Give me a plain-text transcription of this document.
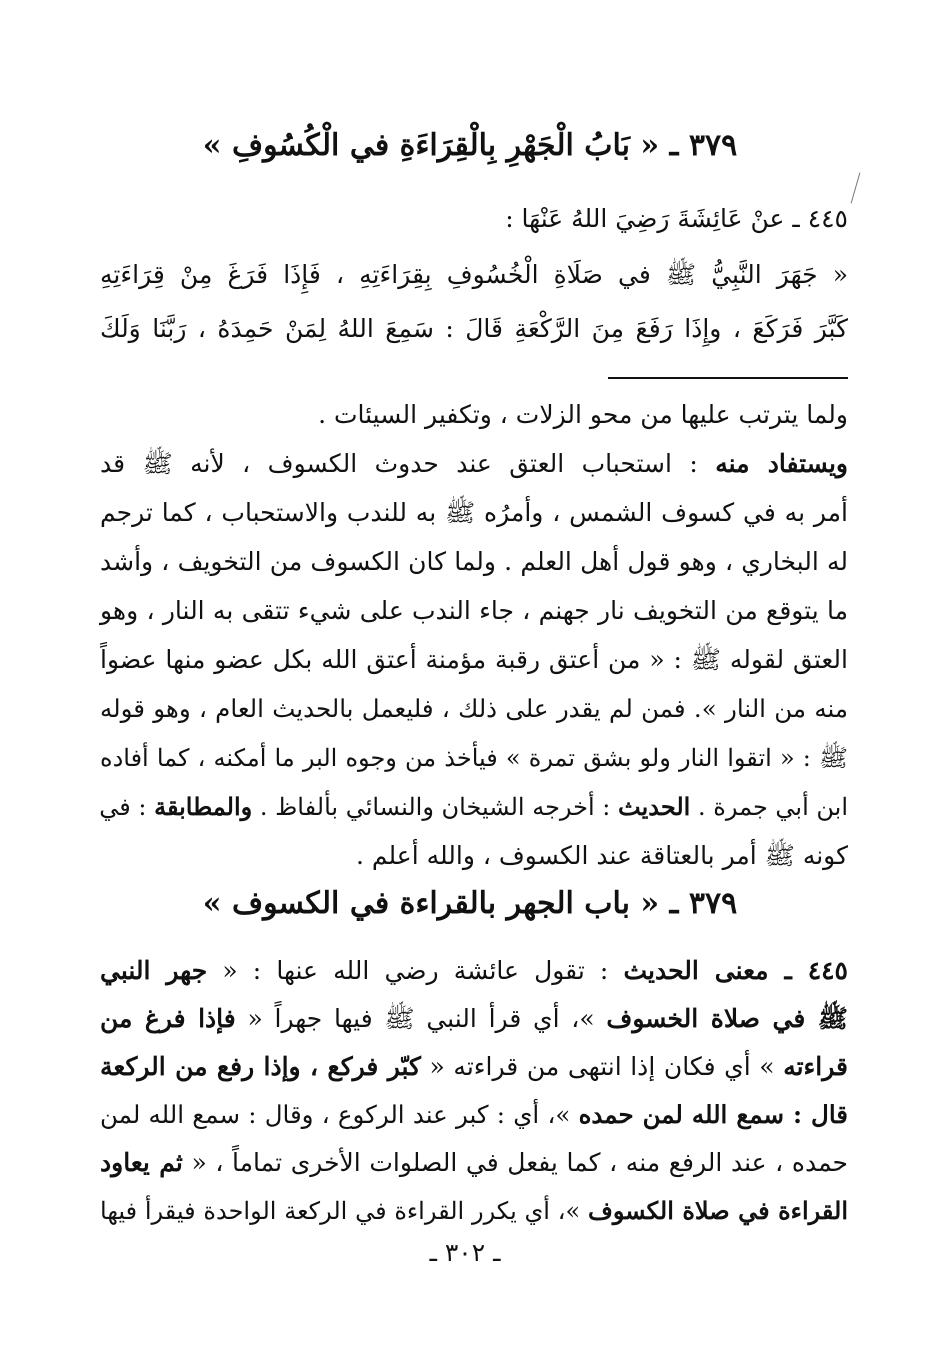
٣٧٩ ـ « بَابُ الْجَهْرِ بِالْقِرَاءَةِ في الْكُسُوفِ »
٤٤٥ ـ عنْ عَائِشَةَ رَضِيَ اللهُ عَنْهَا :
« جَهَرَ النَّبِيُّ ﷺ في صَلَاةِ الْخُسُوفِ بِقِرَاءَتِهِ ، فَإِذَا فَرَغَ مِنْ قِرَاءَتِهِ
كَبَّرَ فَرَكَعَ ، وإِذَا رَفَعَ مِنَ الرَّكْعَةِ قَالَ : سَمِعَ اللهُ لِمَنْ حَمِدَهُ ، رَبَّنَا وَلَكَ
ولما يترتب عليها من محو الزلات ، وتكفير السيئات .
ويستفاد منه : استحباب العتق عند حدوث الكسوف ، لأنه ﷺ قد
أمر به في كسوف الشمس ، وأمرُه ﷺ به للندب والاستحباب ، كما ترجم
له البخاري ، وهو قول أهل العلم . ولما كان الكسوف من التخويف ، وأشد
ما يتوقع من التخويف نار جهنم ، جاء الندب على شيء تتقى به النار ، وهو
العتق لقوله ﷺ : « من أعتق رقبة مؤمنة أعتق الله بكل عضو منها عضواً
منه من النار ». فمن لم يقدر على ذلك ، فليعمل بالحديث العام ، وهو قوله
ﷺ : « اتقوا النار ولو بشق تمرة » فيأخذ من وجوه البر ما أمكنه ، كما أفاده
ابن أبي جمرة . الحديث : أخرجه الشيخان والنسائي بألفاظ . والمطابقة : في
كونه ﷺ أمر بالعتاقة عند الكسوف ، والله أعلم .
٣٧٩ ـ « باب الجهر بالقراءة في الكسوف »
٤٤٥ ـ معنى الحديث : تقول عائشة رضي الله عنها : « جهر النبي
ﷺ في صلاة الخسوف »، أي قرأ النبي ﷺ فيها جهراً « فإذا فرغ من
قراءته » أي فكان إذا انتهى من قراءته « كبّر فركع ، وإذا رفع من الركعة
قال : سمع الله لمن حمده »، أي : كبر عند الركوع ، وقال : سمع الله لمن
حمده ، عند الرفع منه ، كما يفعل في الصلوات الأخرى تماماً ، « ثم يعاود
القراءة في صلاة الكسوف »، أي يكرر القراءة في الركعة الواحدة فيقرأ فيها
ـ ٣٠٢ ـ
